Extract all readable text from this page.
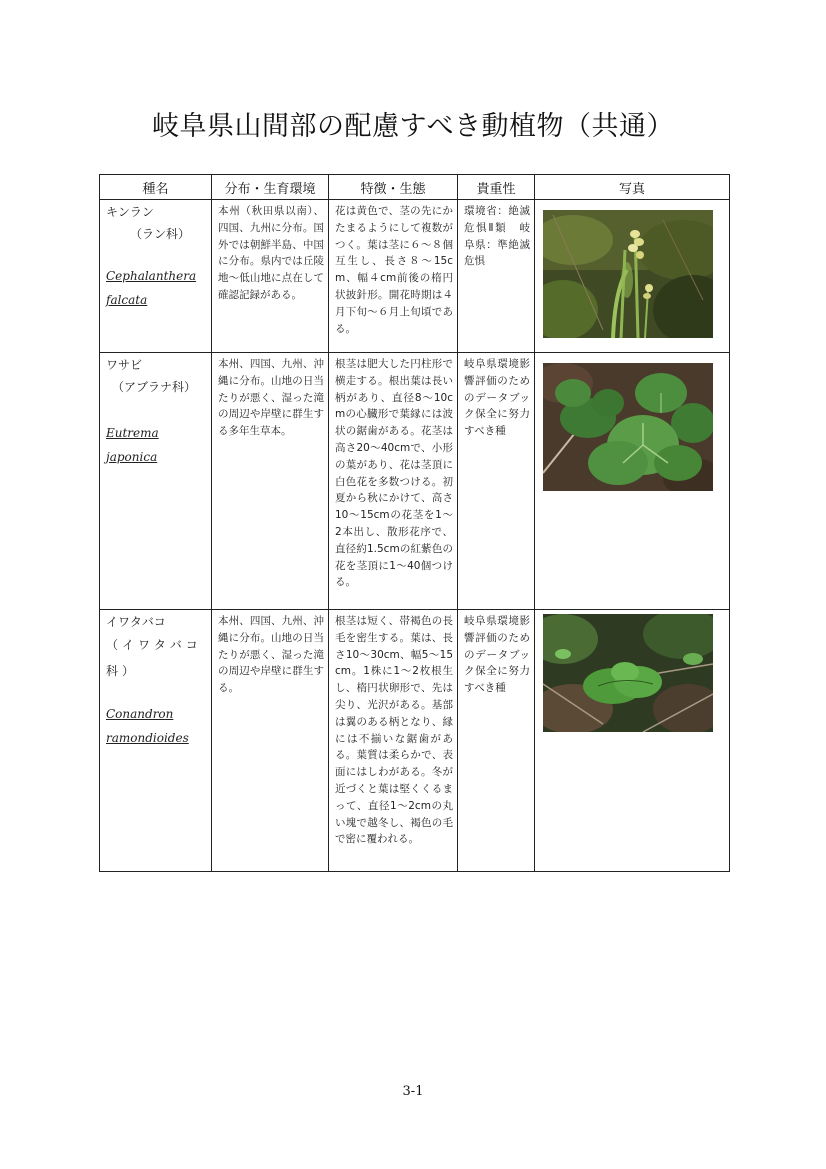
岐阜県山間部の配慮すべき動植物（共通）
種名	分布・生育環境	特徴・生態	貴重性	写真

キンラン
（ラン科）
Cephalanthera
falcata	本州（秋田県以南）、四国、九州に分布。国外では朝鮮半島、中国に分布。県内では丘陵地～低山地に点在して確認記録がある。	花は黄色で、茎の先にかたまるようにして複数がつく。葉は茎に６～８個互生し、長さ８～15cm、幅４cm前後の楕円状披針形。開花時期は４月下旬～６月上旬頃である。	環境省：絶滅危惧Ⅱ類　岐阜県：準絶滅危惧

ワサビ
（アブラナ科）
Eutrema
japonica	本州、四国、九州、沖縄に分布。山地の日当たりが悪く、湿った滝の周辺や岸壁に群生する多年生草本。	根茎は肥大した円柱形で横走する。根出葉は長い柄があり、直径8～10cmの心臓形で葉縁には波状の鋸歯がある。花茎は高さ20～40cmで、小形の葉があり、花は茎頂に白色花を多数つける。初夏から秋にかけて、高さ10～15cmの花茎を1～2本出し、散形花序で、直径約1.5cmの紅紫色の花を茎頂に1～40個つける。	岐阜県環境影響評価のためのデータブック保全に努力すべき種

イワタバコ
（イワタバコ科）
Conandron
ramondioides	本州、四国、九州、沖縄に分布。山地の日当たりが悪く、湿った滝の周辺や岸壁に群生する。	根茎は短く、帯褐色の長毛を密生する。葉は、長さ10～30cm、幅5～15cm。1株に1～2枚根生し、楕円状卵形で、先は尖り、光沢がある。基部は翼のある柄となり、縁には不揃いな鋸歯がある。葉質は柔らかで、表面にはしわがある。冬が近づくと葉は堅くくるまって、直径1～2cmの丸い塊で越冬し、褐色の毛で密に覆われる。	岐阜県環境影響評価のためのデータブック保全に努力すべき種

3-1
